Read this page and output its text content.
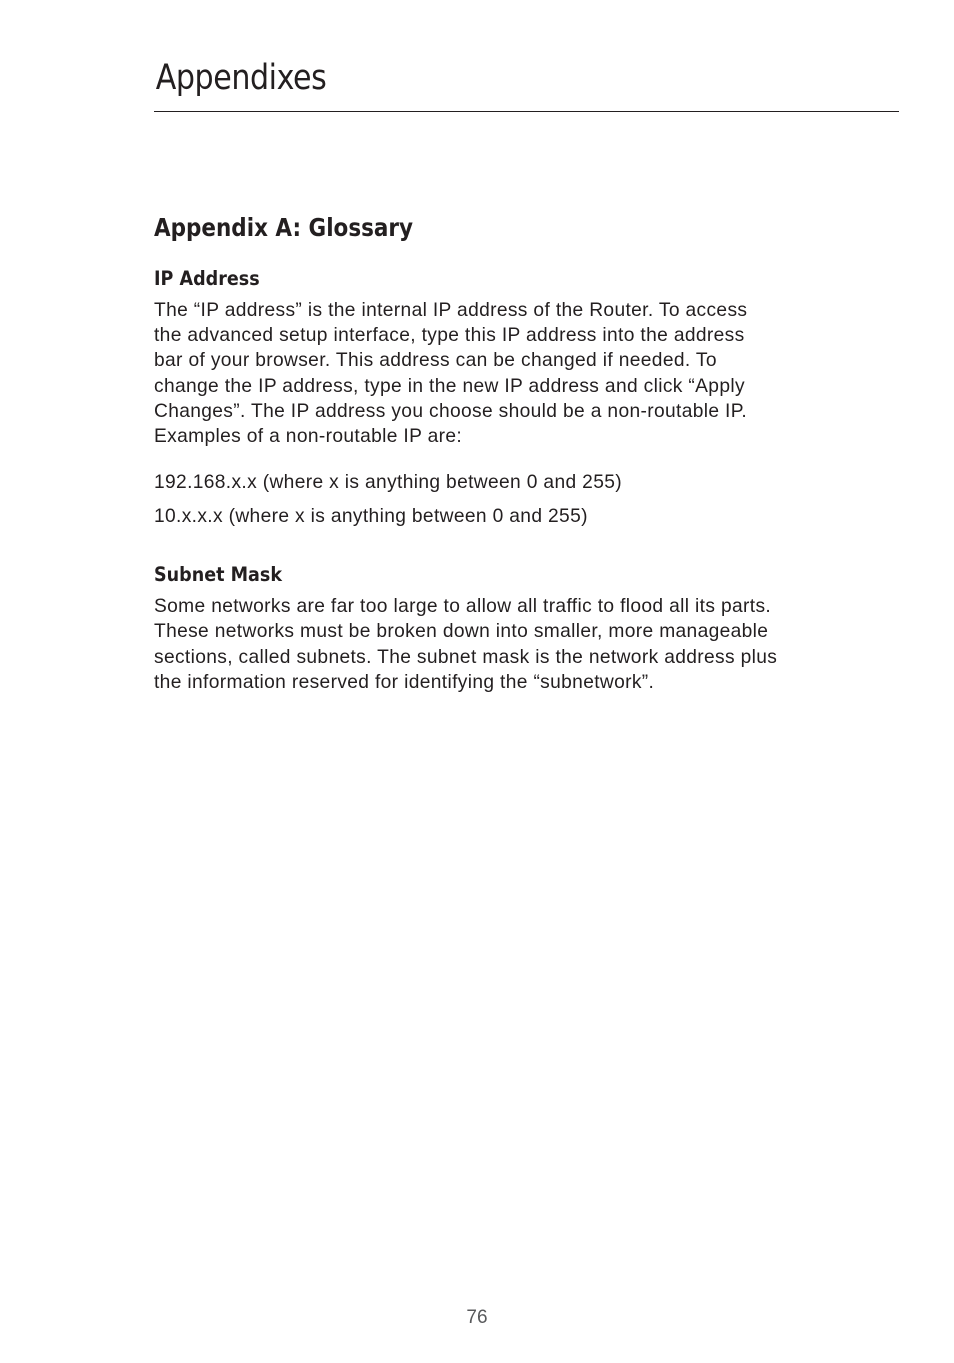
Appendixes
Appendix A: Glossary
IP Address

The “IP address” is the internal IP address of the Router. To access

the advanced setup interface, type this IP address into the address

bar of your browser. This address can be changed if needed. To

change the IP address, type in the new IP address and click “Apply

Changes”. The IP address you choose should be a non-routable IP.

Examples of a non-routable IP are:

192.168.x.x (where x is anything between 0 and 255)

10.x.x.x (where x is anything between 0 and 255)

Subnet Mask

Some networks are far too large to allow all traffic to flood all its parts.

These networks must be broken down into smaller, more manageable

sections, called subnets. The subnet mask is the network address plus

the information reserved for identifying the “subnetwork”.

76
